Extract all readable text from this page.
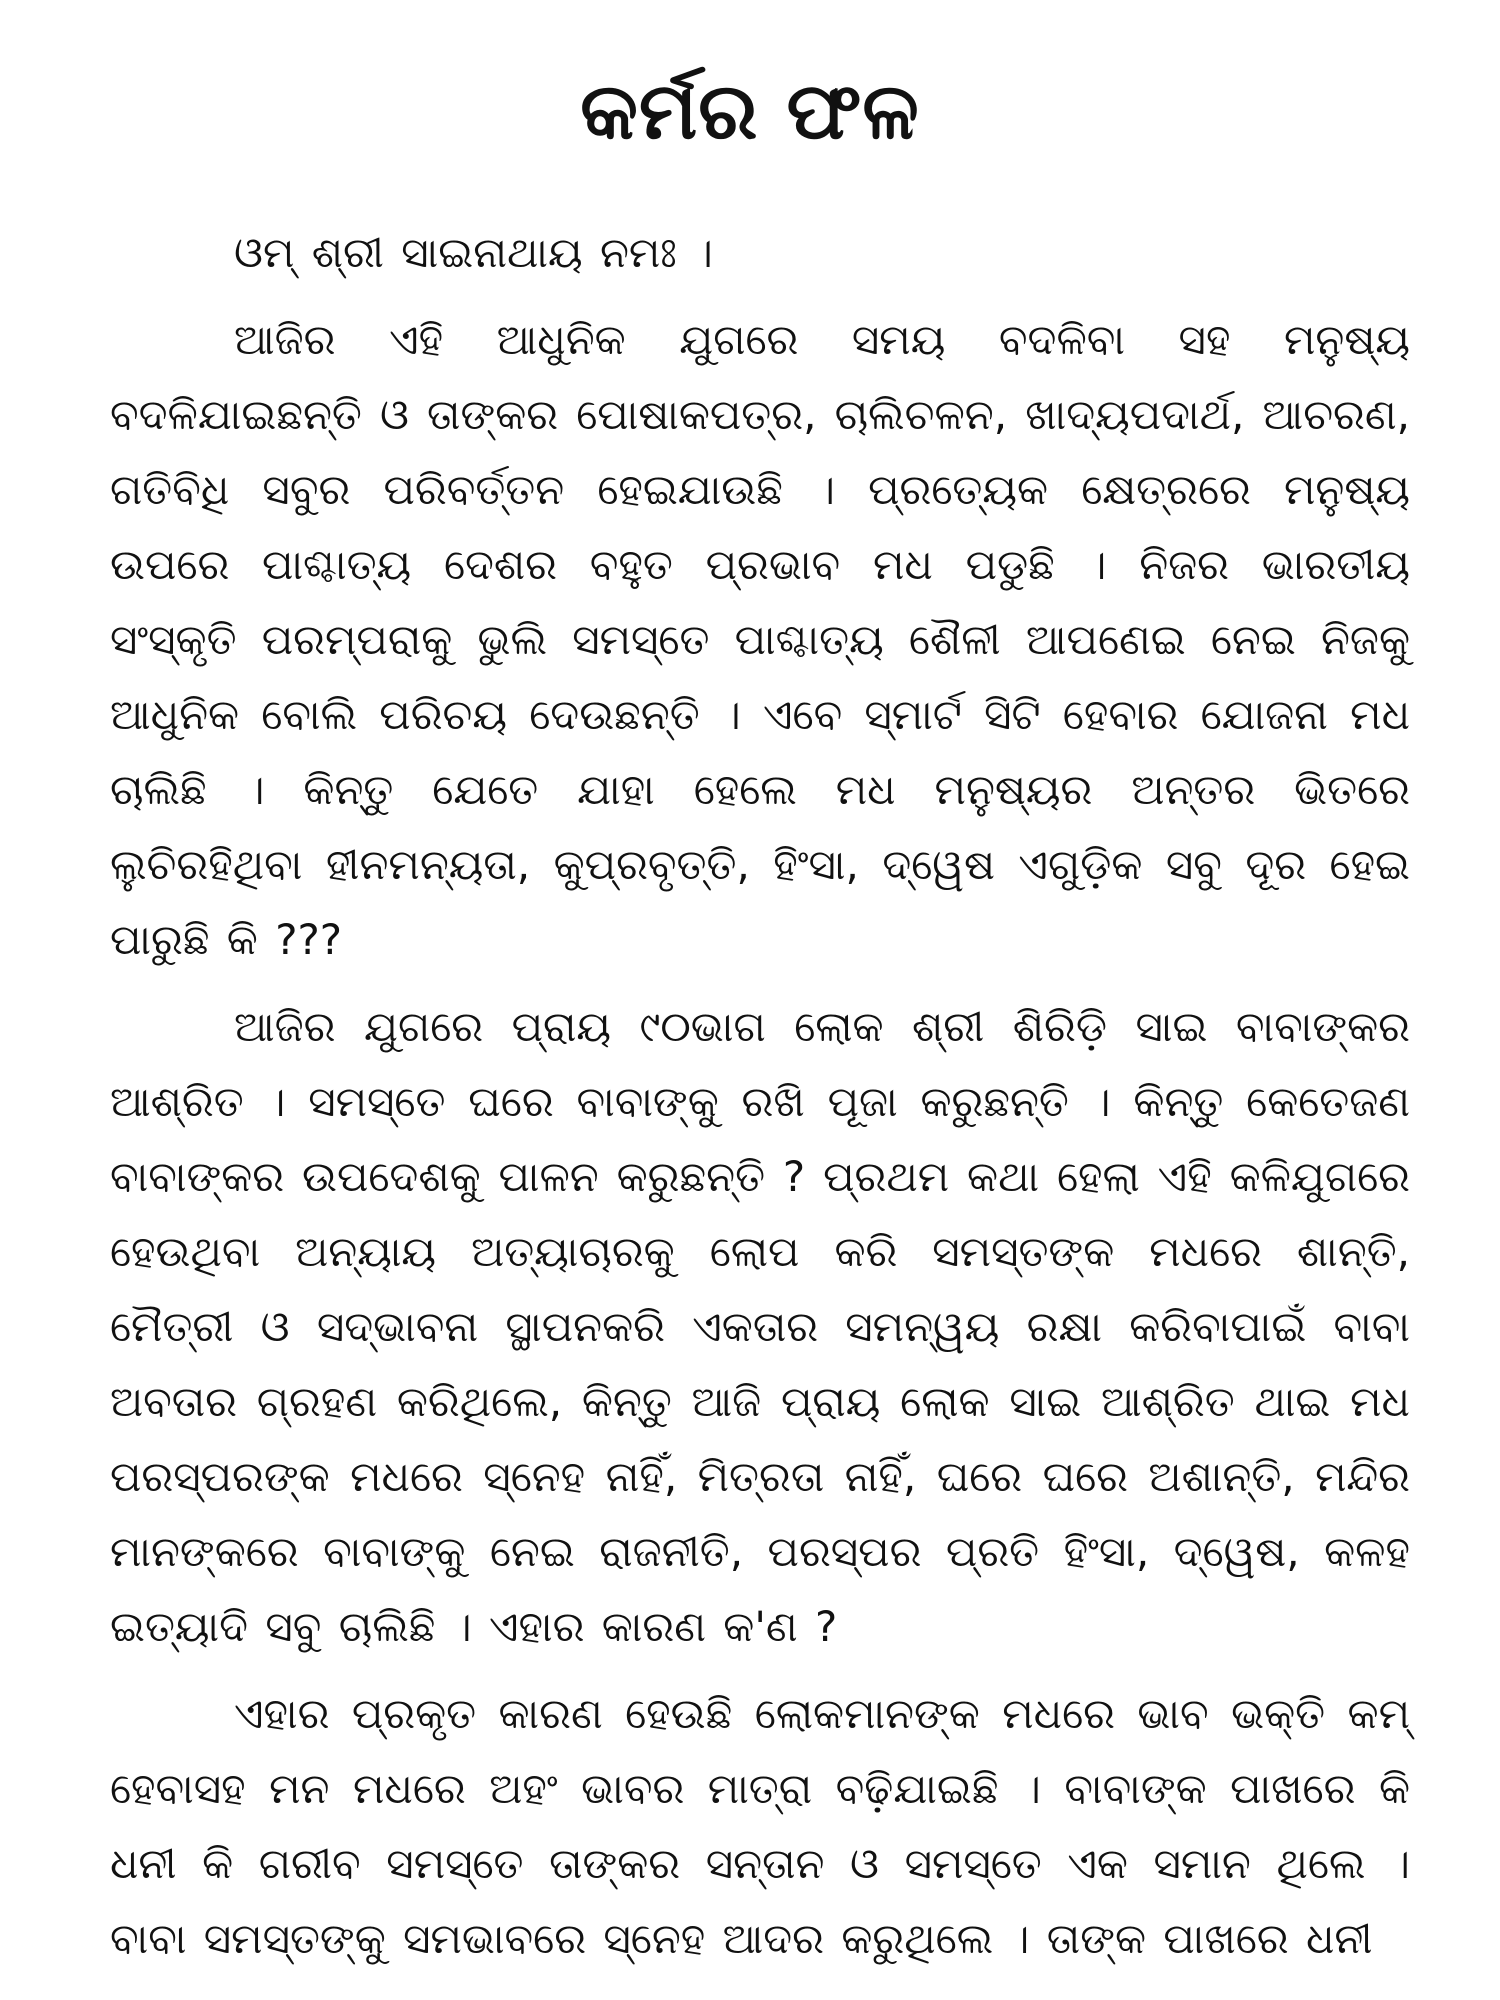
କର୍ମର ଫଳ

ଓମ୍ ଶ୍ରୀ ସାଇନାଥାୟ ନମଃ ।

ଆଜିର ଏହି ଆଧୁନିକ ଯୁଗରେ ସମୟ ବଦଳିବା ସହ ମନୁଷ୍ୟ ବଦଳିଯାଇଛନ୍ତି ଓ ତାଙ୍କର ପୋଷାକପତ୍ର, ଚାଲିଚଳନ, ଖାଦ୍ୟପଦାର୍ଥ, ଆଚରଣ, ଗତିବିଧି ସବୁର ପରିବର୍ତ୍ତନ ହେଇଯାଉଛି । ପ୍ରତ୍ୟେକ କ୍ଷେତ୍ରରେ ମନୁଷ୍ୟ ଉପରେ ପାଶ୍ଚାତ୍ୟ ଦେଶର ବହୁତ ପ୍ରଭାବ ମଧ ପଡୁଛି । ନିଜର ଭାରତୀୟ ସଂସ୍କୃତି ପରମ୍ପରାକୁ ଭୁଲି ସମସ୍ତେ ପାଶ୍ଚାତ୍ୟ ଶୈଳୀ ଆପଣେଇ ନେଇ ନିଜକୁ ଆଧୁନିକ ବୋଲି ପରିଚୟ ଦେଉଛନ୍ତି । ଏବେ ସ୍ମାର୍ଟ ସିଟି ହେବାର ଯୋଜନା ମଧ ଚାଲିଛି । କିନ୍ତୁ ଯେତେ ଯାହା ହେଲେ ମଧ ମନୁଷ୍ୟର ଅନ୍ତର ଭିତରେ ଲୁଚିରହିଥିବା ହୀନମନ୍ୟତା, କୁପ୍ରବୃତ୍ତି, ହିଂସା, ଦ୍ୱେଷ ଏଗୁଡ଼ିକ ସବୁ ଦୂର ହେଇ ପାରୁଛି କି ???

ଆଜିର ଯୁଗରେ ପ୍ରାୟ ୯୦ଭାଗ ଲୋକ ଶ୍ରୀ ଶିରିଡ଼ି ସାଇ ବାବାଙ୍କର ଆଶ୍ରିତ । ସମସ୍ତେ ଘରେ ବାବାଙ୍କୁ ରଖି ପୂଜା କରୁଛନ୍ତି । କିନ୍ତୁ କେତେଜଣ ବାବାଙ୍କର ଉପଦେଶକୁ ପାଳନ କରୁଛନ୍ତି ? ପ୍ରଥମ କଥା ହେଲା ଏହି କଳିଯୁଗରେ ହେଉଥିବା ଅନ୍ୟାୟ ଅତ୍ୟାଚାରକୁ ଲୋପ କରି ସମସ୍ତଙ୍କ ମଧରେ ଶାନ୍ତି, ମୈତ୍ରୀ ଓ ସଦ୍‌ଭାବନା ସ୍ଥାପନକରି ଏକତାର ସମନ୍ୱୟ ରକ୍ଷା କରିବାପାଇଁ ବାବା ଅବତାର ଗ୍ରହଣ କରିଥିଲେ, କିନ୍ତୁ ଆଜି ପ୍ରାୟ ଲୋକ ସାଇ ଆଶ୍ରିତ ଥାଇ ମଧ ପରସ୍ପରଙ୍କ ମଧରେ ସ୍ନେହ ନାହିଁ, ମିତ୍ରତା ନାହିଁ, ଘରେ ଘରେ ଅଶାନ୍ତି, ମନ୍ଦିର ମାନଙ୍କରେ ବାବାଙ୍କୁ ନେଇ ରାଜନୀତି, ପରସ୍ପର ପ୍ରତି ହିଂସା, ଦ୍ୱେଷ, କଳହ ଇତ୍ୟାଦି ସବୁ ଚାଲିଛି । ଏହାର କାରଣ କ'ଣ ?

ଏହାର ପ୍ରକୃତ କାରଣ ହେଉଛି ଲୋକମାନଙ୍କ ମଧରେ ଭାବ ଭକ୍ତି କମ୍ ହେବାସହ ମନ ମଧରେ ଅହଂ ଭାବର ମାତ୍ରା ବଢ଼ିଯାଇଛି । ବାବାଙ୍କ ପାଖରେ କି ଧନୀ କି ଗରୀବ ସମସ୍ତେ ତାଙ୍କର ସନ୍ତାନ ଓ ସମସ୍ତେ ଏକ ସମାନ ଥିଲେ । ବାବା ସମସ୍ତଙ୍କୁ ସମଭାବରେ ସ୍ନେହ ଆଦର କରୁଥିଲେ । ତାଙ୍କ ପାଖରେ ଧନୀ
